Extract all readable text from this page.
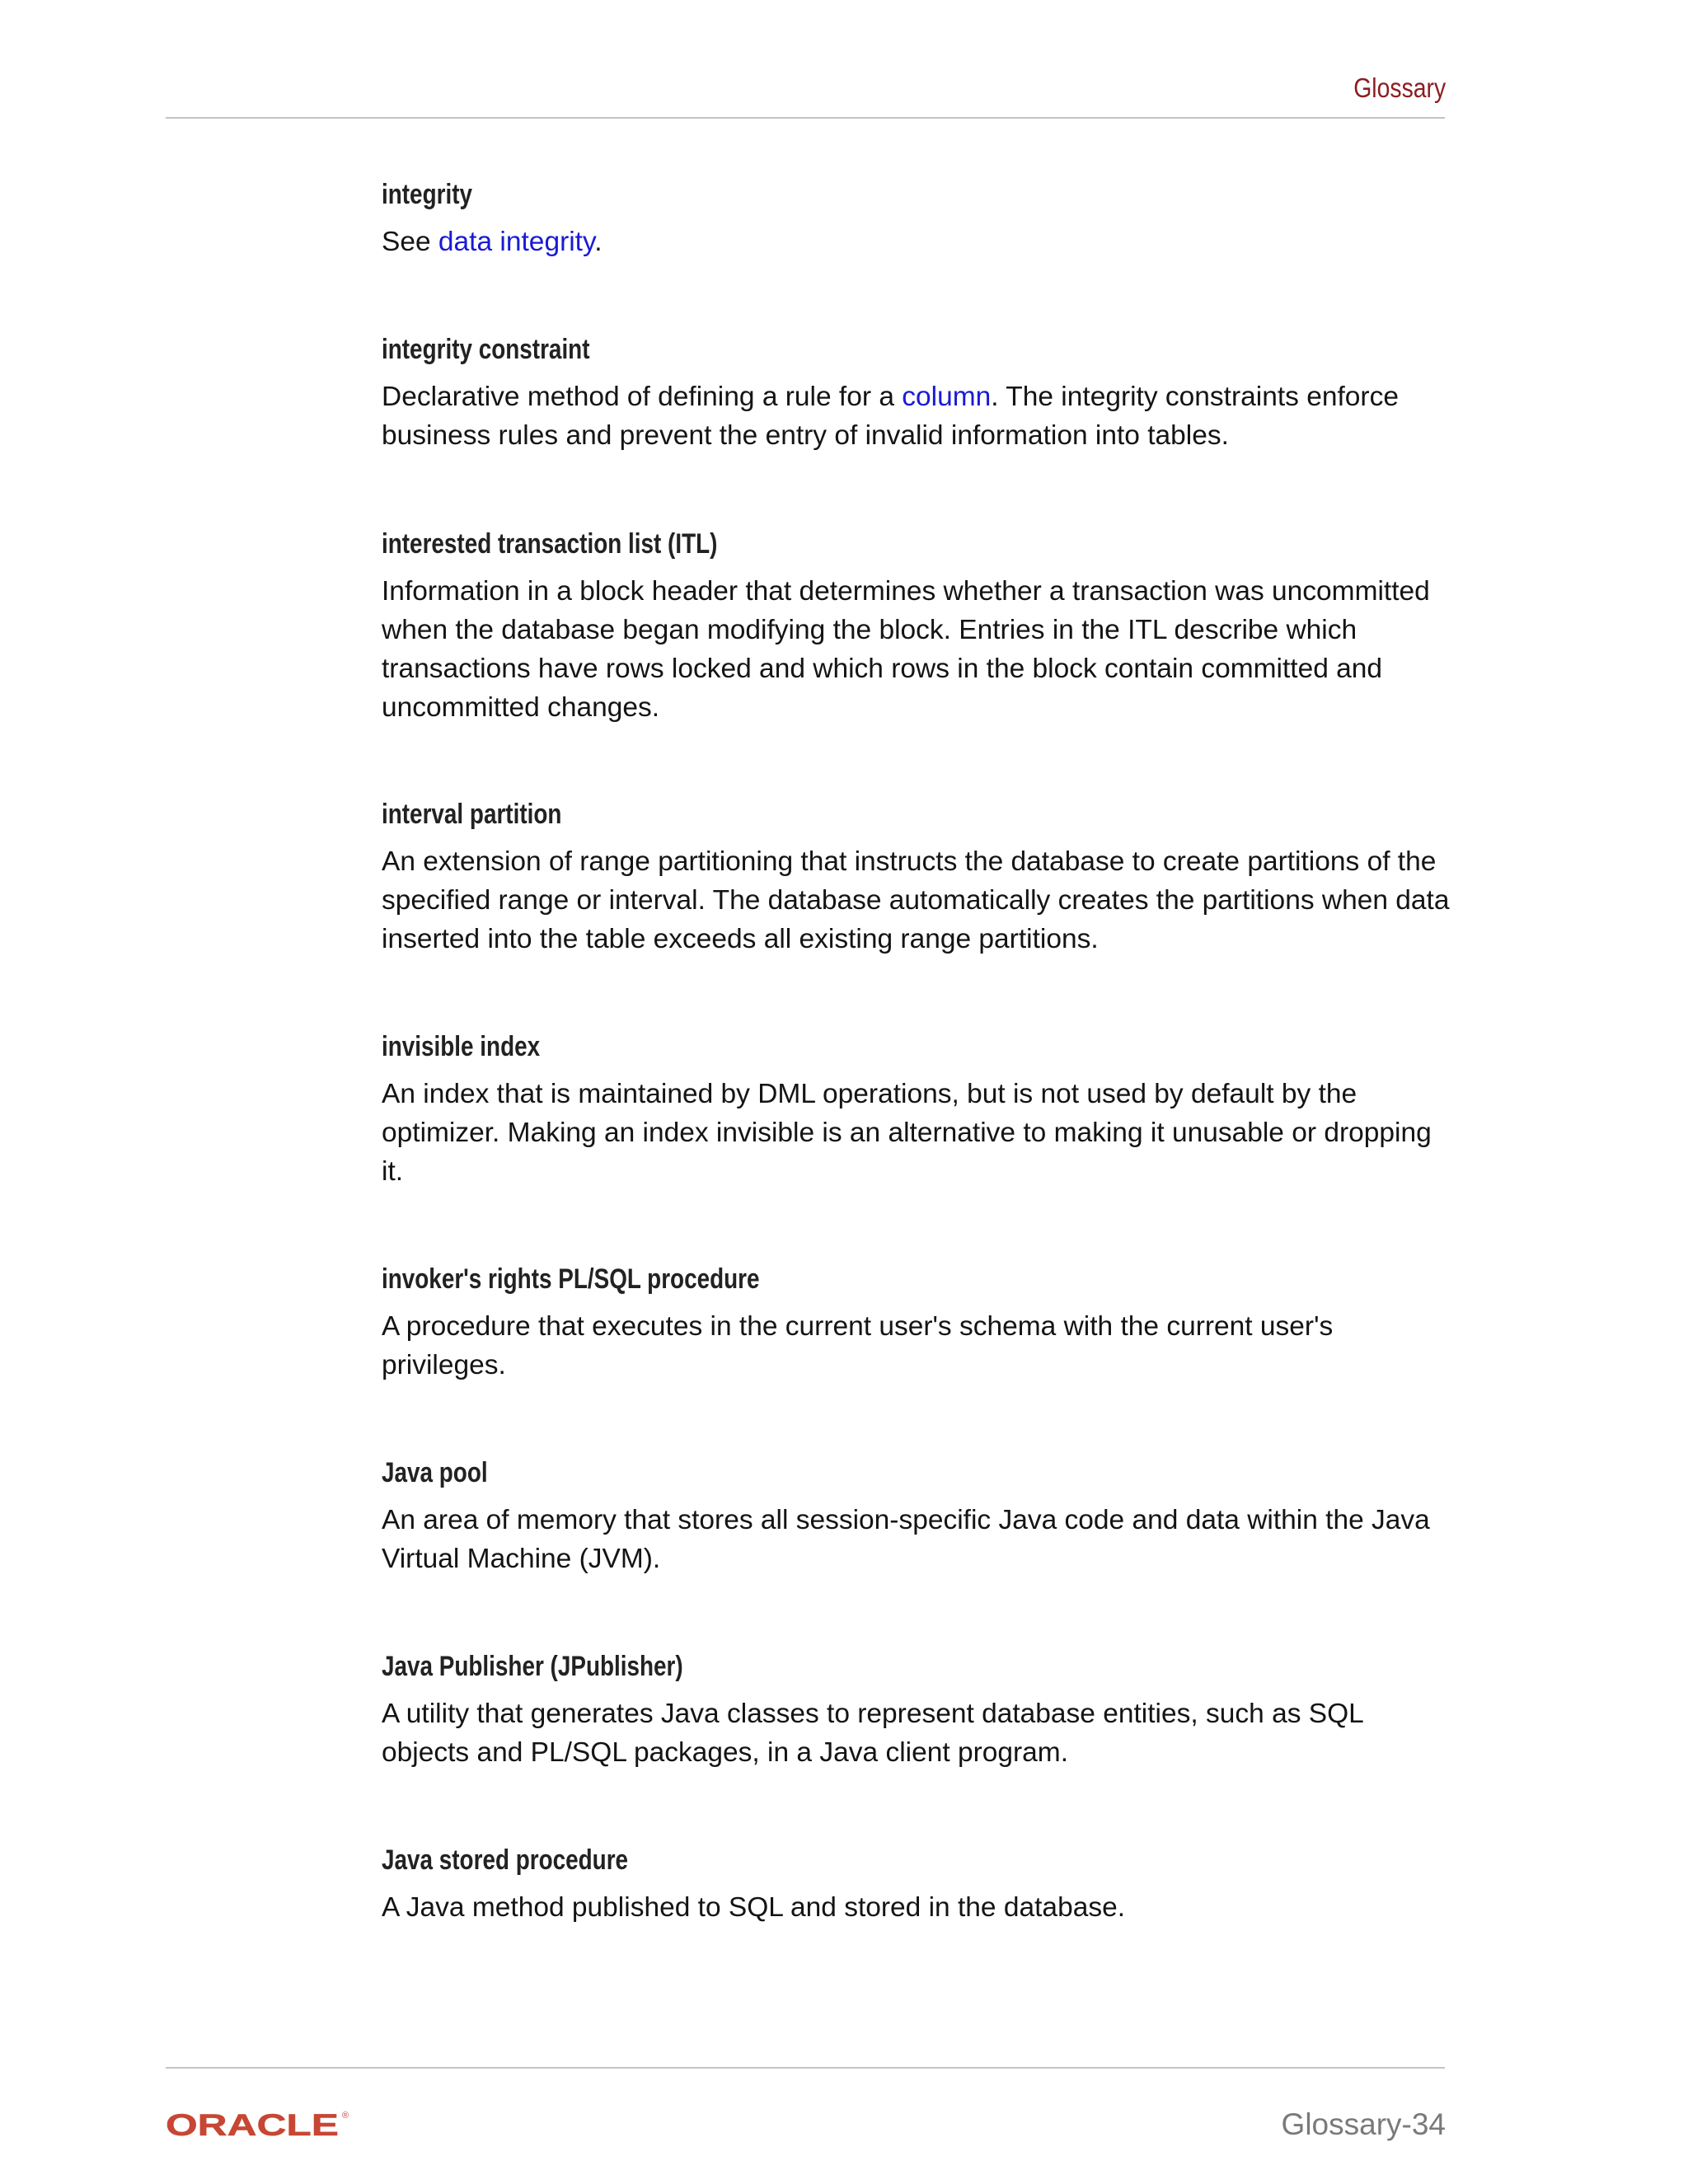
Glossary
integrity
See data integrity.
integrity constraint
Declarative method of defining a rule for a column. The integrity constraints enforce business rules and prevent the entry of invalid information into tables.
interested transaction list (ITL)
Information in a block header that determines whether a transaction was uncommitted when the database began modifying the block. Entries in the ITL describe which transactions have rows locked and which rows in the block contain committed and uncommitted changes.
interval partition
An extension of range partitioning that instructs the database to create partitions of the specified range or interval. The database automatically creates the partitions when data inserted into the table exceeds all existing range partitions.
invisible index
An index that is maintained by DML operations, but is not used by default by the optimizer. Making an index invisible is an alternative to making it unusable or dropping it.
invoker's rights PL/SQL procedure
A procedure that executes in the current user's schema with the current user's privileges.
Java pool
An area of memory that stores all session-specific Java code and data within the Java Virtual Machine (JVM).
Java Publisher (JPublisher)
A utility that generates Java classes to represent database entities, such as SQL objects and PL/SQL packages, in a Java client program.
Java stored procedure
A Java method published to SQL and stored in the database.
ORACLE ®	Glossary-34
